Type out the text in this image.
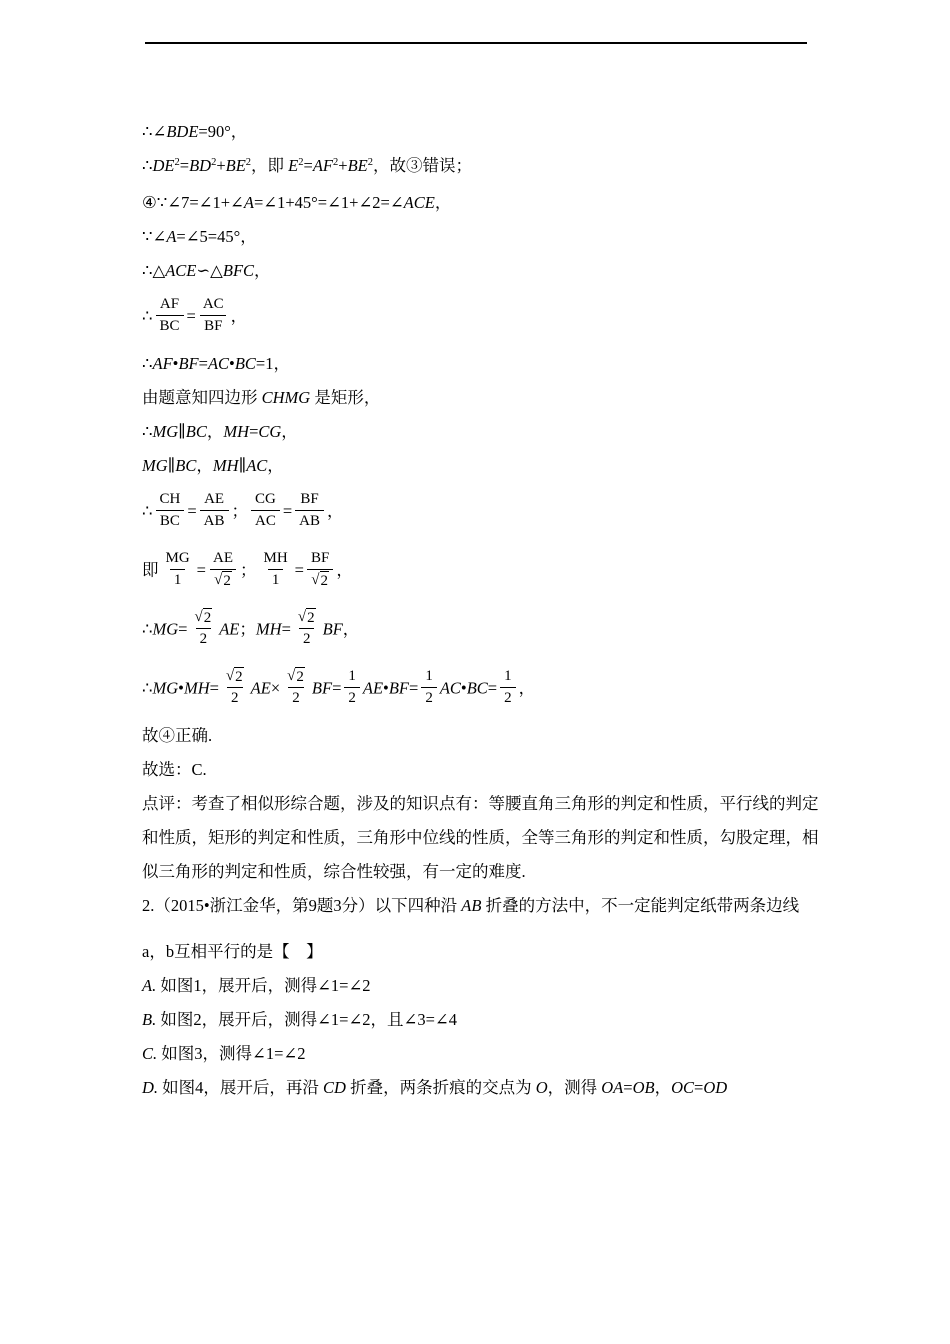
∴∠BDE=90°，
$\therefore DE^2=BD^2+BE^2$，即 $E^2=AF^2+BE^2$，故③错误；
④∵∠7=∠1+∠A=∠1+45°=∠1+∠2=∠ACE，
∵∠A=∠5=45°，
∴△ACE∽△BFC，
∴ $\frac{AF}{BC} = \frac{AC}{BF}$ ，
∴AF•BF=AC•BC=1，
由题意知四边形 CHMG 是矩形，
∴MG∥BC，MH=CG，
MG∥BC，MH∥AC，
∴ $\frac{CH}{BC} = \frac{AE}{AB}$ ； $\frac{CG}{AC} = \frac{BF}{AB}$ ，
即 $\frac{MG}{1} = \frac{AE}{√ 2}$ ； $\frac{MH}{1} = \frac{BF}{√ 2}$ ，
∴MG= $\frac{√ 2}{2}$ AE；$MH= \frac{√ 2}{2}$ BF，
∴MG•MH= $\frac{√ 2}{2} AE\times \frac{√ 2}{2} BF= \frac{1}{2}$ AE•BF= $\frac{1}{2}$ AC•BC= $\frac{1}{2}$ ，
故④正确.
故选：C.
点评：考查了相似形综合题，涉及的知识点有：等腰直角三角形的判定和性质，平行线的判定
和性质，矩形的判定和性质，三角形中位线的性质，全等三角形的判定和性质，勾股定理，相
似三角形的判定和性质，综合性较强，有一定的难度.
2.（2015•浙江金华，第9题3分）以下四种沿 AB 折叠的方法中，不一定能判定纸带两条边线
a，b互相平行的是【　】
A. 如图1，展开后，测得∠1=∠2
B. 如图2，展开后，测得∠1=∠2，且∠3=∠4
C. 如图3，测得∠1=∠2
D. 如图4，展开后，再沿 CD 折叠，两条折痕的交点为 O，测得 OA=OB，OC=OD
